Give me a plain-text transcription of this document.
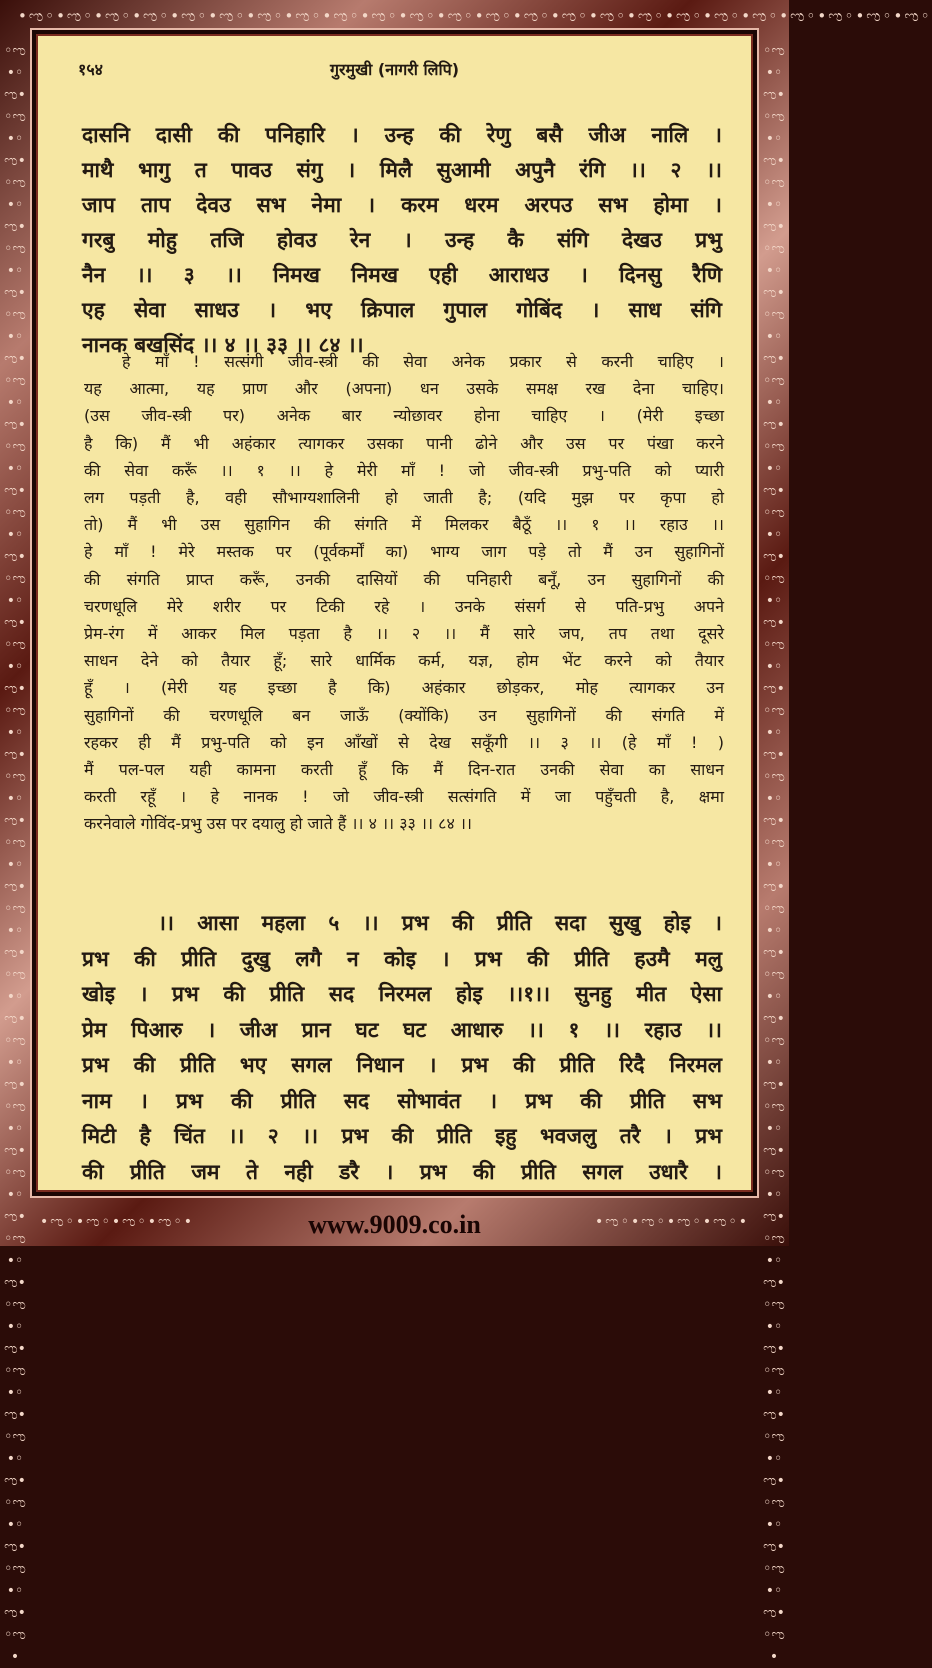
•ಌ◦•ಌ◦•ಌ◦•ಌ◦•ಌ◦•ಌ◦•ಌ◦•ಌ◦•ಌ◦•ಌ◦•ಌ◦•ಌ◦•ಌ◦•ಌ◦•ಌ◦•ಌ◦•ಌ◦•ಌ◦•ಌ◦•ಌ◦•ಌ◦•ಌ◦•ಌ◦•ಌ◦
◦ಌ•◦ಌ•◦ಌ•◦ಌ•◦ಌ•◦ಌ•◦ಌ•◦ಌ•◦ಌ•◦ಌ•◦ಌ•◦ಌ•◦ಌ•◦ಌ•◦ಌ•◦ಌ•◦ಌ•◦ಌ•◦ಌ•◦ಌ•◦ಌ•◦ಌ•◦ಌ•◦ಌ•◦ಌ•◦ಌ•◦ಌ•◦ಌ•◦ಌ•◦ಌ•◦ಌ•◦ಌ•◦ಌ•◦ಌ•◦ಌ•◦ಌ•◦ಌ•◦ಌ•◦ಌ•◦ಌ•◦ಌ•◦ಌ•◦ಌ•◦ಌ•◦ಌ•◦ಌ•◦ಌ•◦ಌ•◦ಌ•
◦ಌ•◦ಌ•◦ಌ•◦ಌ•◦ಌ•◦ಌ•◦ಌ•◦ಌ•◦ಌ•◦ಌ•◦ಌ•◦ಌ•◦ಌ•◦ಌ•◦ಌ•◦ಌ•◦ಌ•◦ಌ•◦ಌ•◦ಌ•◦ಌ•◦ಌ•◦ಌ•◦ಌ•◦ಌ•◦ಌ•◦ಌ•◦ಌ•◦ಌ•◦ಌ•◦ಌ•◦ಌ•◦ಌ•◦ಌ•◦ಌ•◦ಌ•◦ಌ•◦ಌ•◦ಌ•◦ಌ•◦ಌ•◦ಌ•◦ಌ•◦ಌ•◦ಌ•◦ಌ•◦ಌ•◦ಌ•◦ಌ•
१५४	गुरमुखी (नागरी लिपि)

दासनि दासी की पनिहारि । उन्ह की रेणु बसै जीअ नालि ।
माथै भागु त पावउ संगु । मिलै सुआमी अपुनै रंगि ।। २ ।।
जाप ताप देवउ सभ नेमा । करम धरम अरपउ सभ होमा ।
गरबु मोहु तजि होवउ रेन । उन्ह कै संगि देखउ प्रभु
नैन ।। ३ ।। निमख निमख एही आराधउ । दिनसु रैणि
एह सेवा साधउ । भए क्रिपाल गुपाल गोबिंद । साध संगि
नानक बखसिंद ।। ४ ।। ३३ ।। ८४ ।।

हे माँ ! सत्संगी जीव-स्त्री की सेवा अनेक प्रकार से करनी चाहिए ।
यह आत्मा, यह प्राण और (अपना) धन उसके समक्ष रख देना चाहिए।
(उस जीव-स्त्री पर) अनेक बार न्योछावर होना चाहिए । (मेरी इच्छा
है कि) मैं भी अहंकार त्यागकर उसका पानी ढोने और उस पर पंखा करने
की सेवा करूँ ।। १ ।। हे मेरी माँ ! जो जीव-स्त्री प्रभु-पति को प्यारी
लग पड़ती है, वही सौभाग्यशालिनी हो जाती है; (यदि मुझ पर कृपा हो
तो) मैं भी उस सुहागिन की संगति में मिलकर बैठूँ ।। १ ।। रहाउ ।।
हे माँ ! मेरे मस्तक पर (पूर्वकर्मों का) भाग्य जाग पड़े तो मैं उन सुहागिनों
की संगति प्राप्त करूँ, उनकी दासियों की पनिहारी बनूँ, उन सुहागिनों की
चरणधूलि मेरे शरीर पर टिकी रहे । उनके संसर्ग से पति-प्रभु अपने
प्रेम-रंग में आकर मिल पड़ता है ।। २ ।। मैं सारे जप, तप तथा दूसरे
साधन देने को तैयार हूँ; सारे धार्मिक कर्म, यज्ञ, होम भेंट करने को तैयार
हूँ । (मेरी यह इच्छा है कि) अहंकार छोड़कर, मोह त्यागकर उन
सुहागिनों की चरणधूलि बन जाऊँ (क्योंकि) उन सुहागिनों की संगति में
रहकर ही मैं प्रभु-पति को इन आँखों से देख सकूँगी ।। ३ ।। (हे माँ ! )
मैं पल-पल यही कामना करती हूँ कि मैं दिन-रात उनकी सेवा का साधन
करती रहूँ । हे नानक ! जो जीव-स्त्री सत्संगति में जा पहुँचती है, क्षमा
करनेवाले गोविंद-प्रभु उस पर दयालु हो जाते हैं ।। ४ ।। ३३ ।। ८४ ।।

।। आसा महला ५ ।। प्रभ की प्रीति सदा सुखु होइ ।
प्रभ की प्रीति दुखु लगै न कोइ । प्रभ की प्रीति हउमै मलु
खोइ । प्रभ की प्रीति सद निरमल होइ ।।१।। सुनहु मीत ऐसा
प्रेम पिआरु । जीअ प्रान घट घट आधारु ।। १ ।। रहाउ ।।
प्रभ की प्रीति भए सगल निधान । प्रभ की प्रीति रिदै निरमल
नाम । प्रभ की प्रीति सद सोभावंत । प्रभ की प्रीति सभ
मिटी है चिंत ।। २ ।। प्रभ की प्रीति इहु भवजलु तरै । प्रभ
की प्रीति जम ते नही डरै । प्रभ की प्रीति सगल उधारै ।

•ಌ◦•ಌ◦•ಌ◦•ಌ◦•	www.9009.co.in	•ಌ◦•ಌ◦•ಌ◦•ಌ◦•
